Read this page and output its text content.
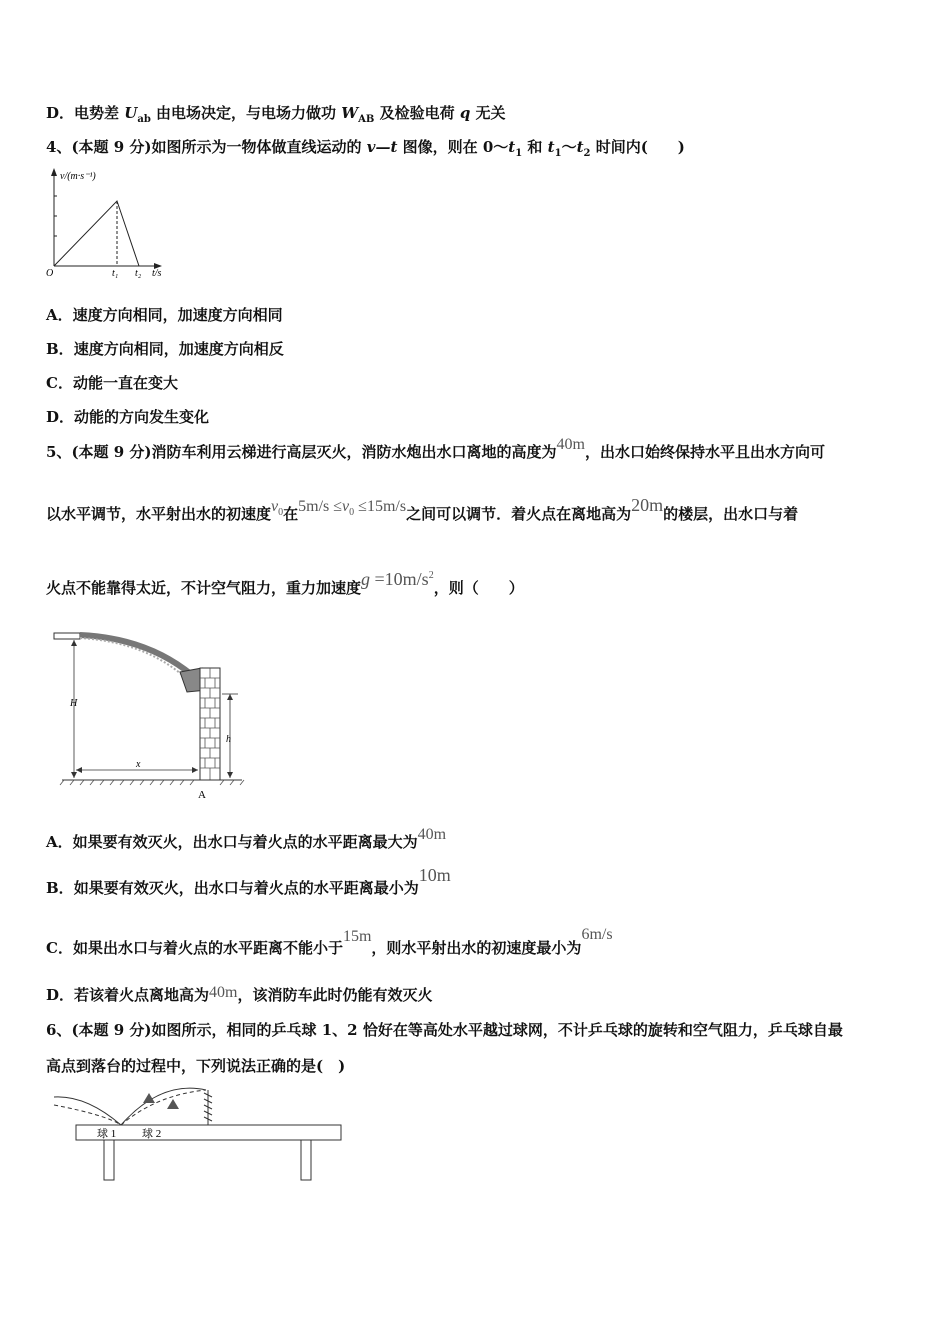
D．电势差 $U_{ab}$ 由电场决定，与电场力做功 $W_{AB}$ 及检验电荷 q 无关
4、(本题 9 分)如图所示为一物体做直线运动的 v—t 图像，则在 $0\sim t_1$ 和 $t_1\sim t_2$ 时间内(　　)
v/(m·s⁻¹)
O	t₁ t₂ t/s
A．速度方向相同，加速度方向相同
B．速度方向相同，加速度方向相反
C．动能一直在变大
D．动能的方向发生变化
5、(本题 9 分)消防车利用云梯进行高层灭火，消防水炮出水口离地的高度为40m，出水口始终保持水平且出水方向可
以水平调节，水平射出水的初速度$v_0$在$5m/s \le v_0 \le 15m/s$之间可以调节．着火点在离地高为20m的楼层，出水口与着
火点不能靠得太近，不计空气阻力，重力加速度$g =10m/s^2$，则（　　）
H
x
h
A
A．如果要有效灭火，出水口与着火点的水平距离最大为40m
B．如果要有效灭火，出水口与着火点的水平距离最小为10m
C．如果出水口与着火点的水平距离不能小于15m，则水平射出水的初速度最小为6m/s
D．若该着火点离地高为40m，该消防车此时仍能有效灭火
6、(本题 9 分)如图所示，相同的乒乓球 1、2 恰好在等高处水平越过球网，不计乒乓球的旋转和空气阻力，乒乓球自最
高点到落台的过程中，下列说法正确的是(　)
球 1 球 2
